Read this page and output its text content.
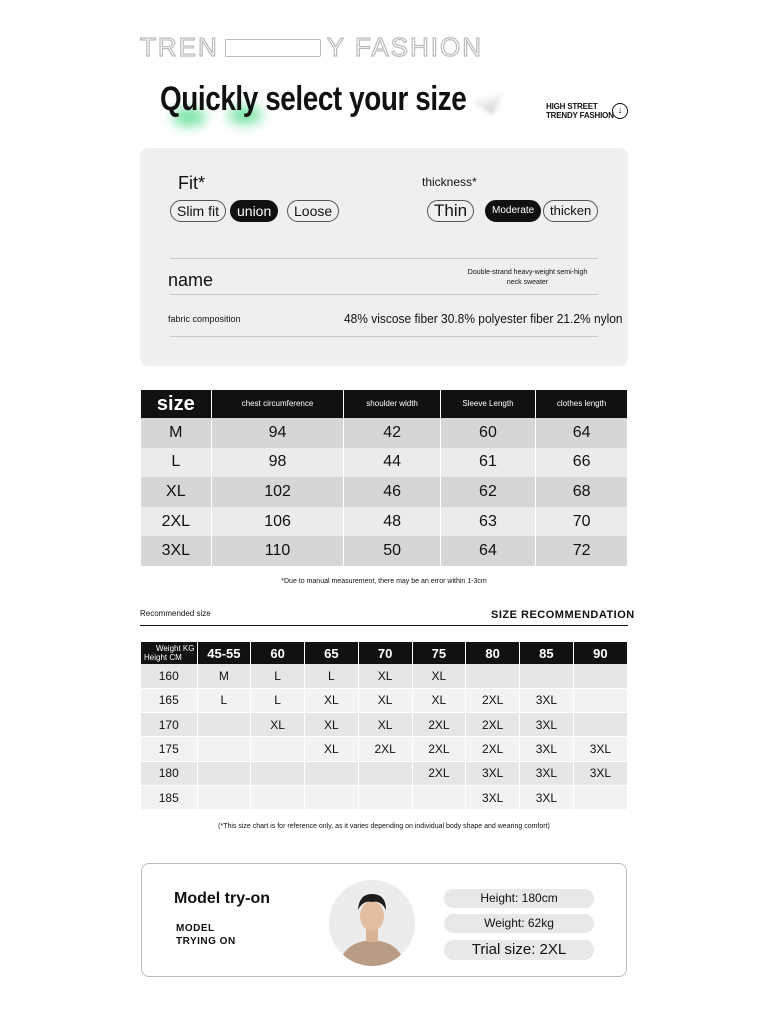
TREN	Y FASHION
Quickly select your size	HIGH STREET
TRENDY FASHION ↓
Fit*
Slim fit	union	Loose
thickness*
Thin	Moderate	thicken
name	Double-strand heavy-weight semi-high neck sweater
fabric composition	48% viscose fiber 30.8% polyester fiber 21.2% nylon
size	chest circumference	shoulder width	Sleeve Length	clothes length
M	94	42	60	64
L	98	44	61	66
XL	102	46	62	68
2XL	106	48	63	70
3XL	110	50	64	72
*Due to manual measurement, there may be an error within 1-3cm
Recommended size	SIZE RECOMMENDATION
Weight KG
Height CM	45-55	60	65	70	75	80	85	90
160	M	L	L	XL	XL			
165	L	L	XL	XL	XL	2XL	3XL	
170		XL	XL	XL	2XL	2XL	3XL	
175			XL	2XL	2XL	2XL	3XL	3XL
180					2XL	3XL	3XL	3XL
185						3XL	3XL	
(*This size chart is for reference only, as it varies depending on individual body shape and wearing comfort)
Model try-on
MODEL
TRYING ON
Height: 180cm
Weight: 62kg
Trial size: 2XL
